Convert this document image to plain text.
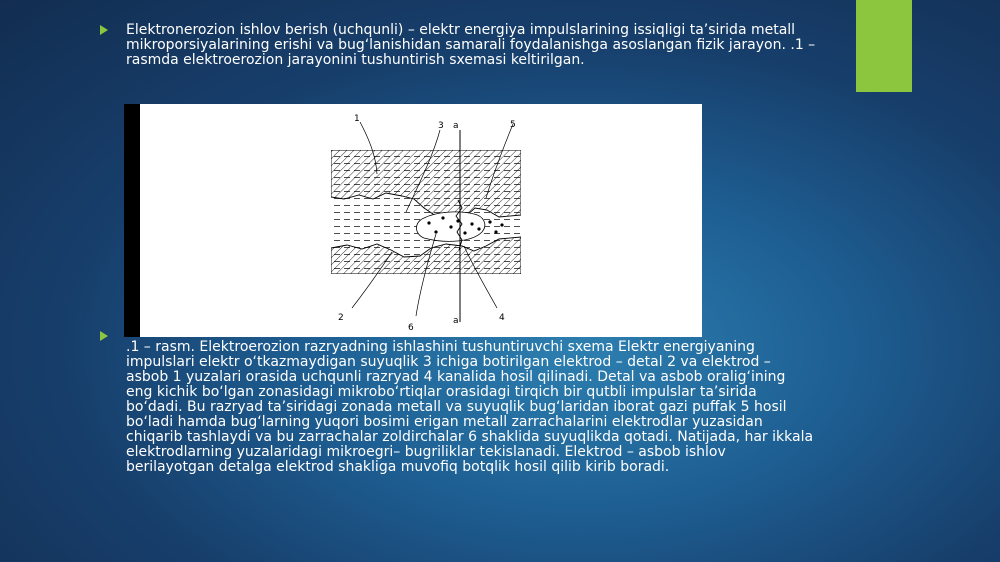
Elektronerozion ishlov berish (uchqunli) – elektr energiya impulslarining issiqligi ta’sirida metall mikroporsiyalarining erishi va bug‘lanishidan samarali foydalanishga asoslangan fizik jarayon. .1 – rasmda elektroerozion jarayonini tushuntirish sxemasi keltirilgan.

1
3 a	5
2
6
a	4

.1 – rasm. Elektroerozion razryadning ishlashini tushuntiruvchi sxema Elektr energiyaning impulslari elektr o‘tkazmaydigan suyuqlik 3 ichiga botirilgan elektrod – detal 2 va elektrod – asbob 1 yuzalari orasida uchqunli razryad 4 kanalida hosil qilinadi. Detal va asbob oralig‘ining eng kichik bo‘lgan zonasidagi mikrobo‘rtiqlar orasidagi tirqich bir qutbli impulslar ta’sirida bo‘dadi. Bu razryad ta’siridagi zonada metall va suyuqlik bug‘laridan iborat gazi puffak 5 hosil bo‘ladi hamda bug‘larning yuqori bosimi erigan metall zarrachalarini elektrodlar yuzasidan chiqarib tashlaydi va bu zarrachalar zoldirchalar 6 shaklida suyuqlikda qotadi. Natijada, har ikkala elektrodlarning yuzalaridagi mikroegri– bugriliklar tekislanadi. Elektrod – asbob ishlov berilayotgan detalga elektrod shakliga muvofiq botqlik hosil qilib kirib boradi.
